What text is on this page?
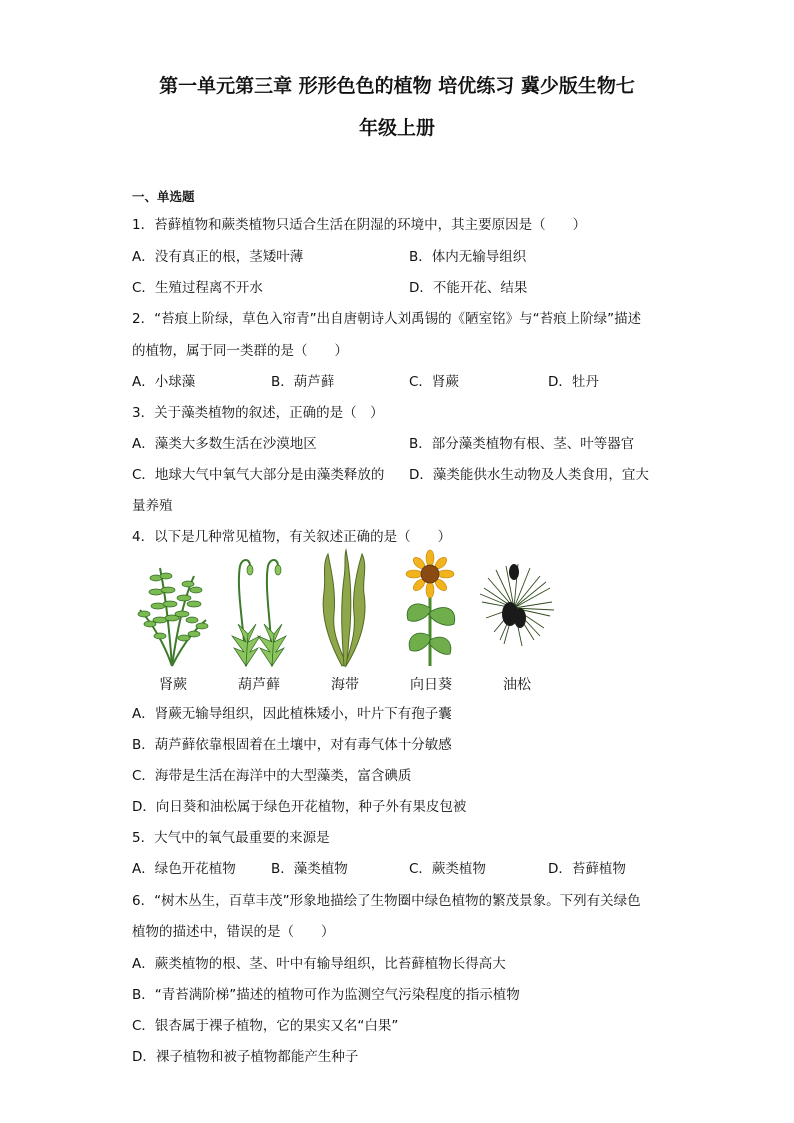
第一单元第三章 形形色色的植物 培优练习 冀少版生物七
年级上册
一、单选题
1．苔藓植物和蕨类植物只适合生活在阴湿的环境中，其主要原因是（　　）
A．没有真正的根，茎矮叶薄	B．体内无输导组织
C．生殖过程离不开水	D．不能开花、结果
2．“苔痕上阶绿，草色入帘青”出自唐朝诗人刘禹锡的《陋室铭》与“苔痕上阶绿”描述
的植物，属于同一类群的是（　　）
A．小球藻	B．葫芦藓	C．肾蕨	D．牡丹
3．关于藻类植物的叙述，正确的是（　）
A．藻类大多数生活在沙漠地区	B．部分藻类植物有根、茎、叶等器官
C．地球大气中氧气大部分是由藻类释放的 D．藻类能供水生动物及人类食用，宜大
量养殖
4．以下是几种常见植物，有关叙述正确的是（　　）
肾蕨	葫芦藓	海带	向日葵	油松
A．肾蕨无输导组织，因此植株矮小，叶片下有孢子囊
B．葫芦藓依靠根固着在土壤中，对有毒气体十分敏感
C．海带是生活在海洋中的大型藻类，富含碘质
D．向日葵和油松属于绿色开花植物，种子外有果皮包被
5．大气中的氧气最重要的来源是
A．绿色开花植物	B．藻类植物	C．蕨类植物	D．苔藓植物
6．“树木丛生，百草丰茂”形象地描绘了生物圈中绿色植物的繁茂景象。下列有关绿色
植物的描述中，错误的是（　　）
A．蕨类植物的根、茎、叶中有输导组织，比苔藓植物长得高大
B．“青苔满阶梯”描述的植物可作为监测空气污染程度的指示植物
C．银杏属于裸子植物，它的果实又名“白果”
D．裸子植物和被子植物都能产生种子
